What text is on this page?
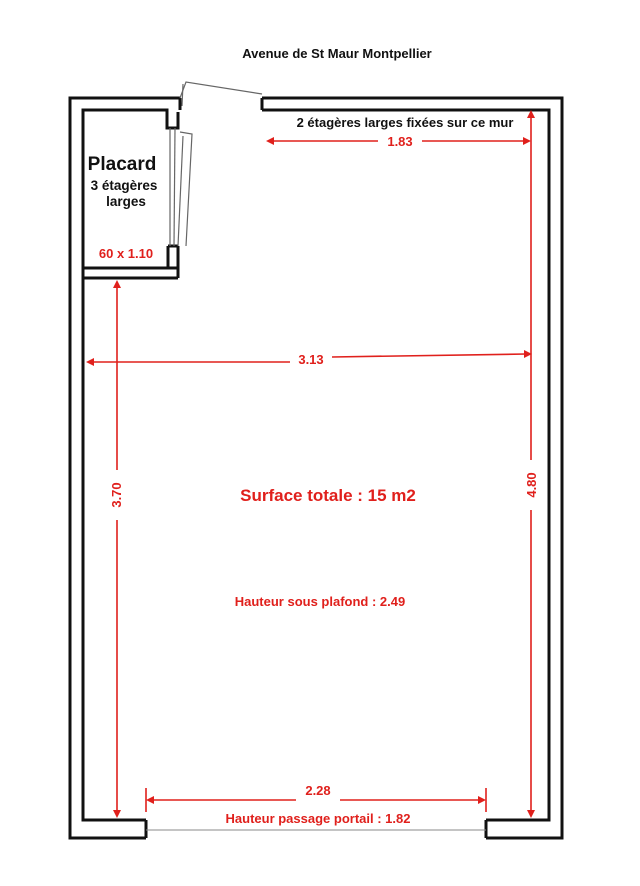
Avenue de St Maur Montpellier
Placard
3 étagères
larges
60 x 1.10
2 étagères larges fixées sur ce mur
1.83
3.13
3.70	4.80
2.28
Surface totale : 15 m2
Hauteur sous plafond : 2.49
Hauteur passage portail : 1.82
